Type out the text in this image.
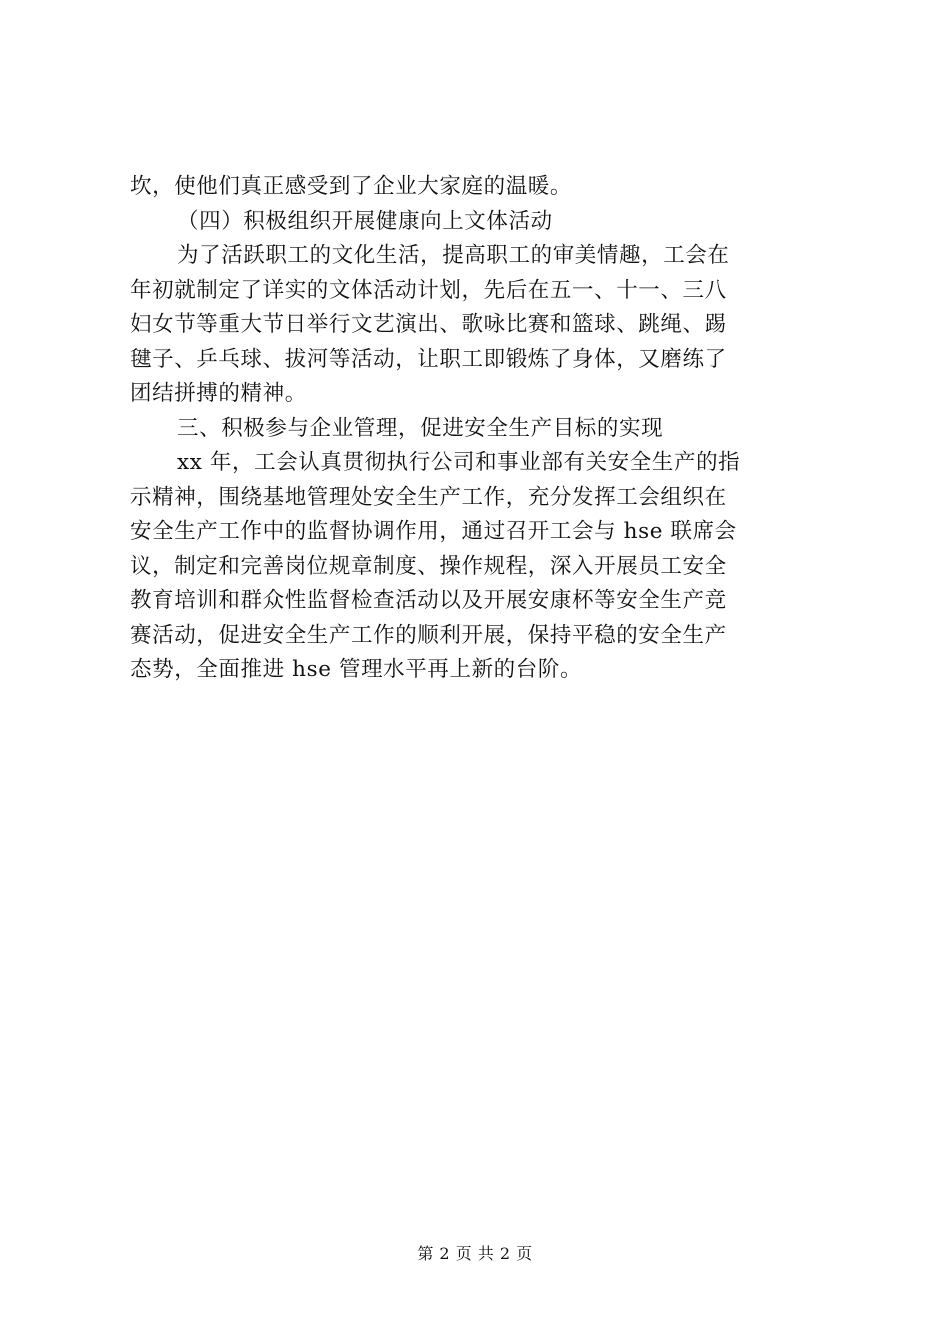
坎，使他们真正感受到了企业大家庭的温暖。
（四）积极组织开展健康向上文体活动
为了活跃职工的文化生活，提高职工的审美情趣，工会在
年初就制定了详实的文体活动计划，先后在五一、十一、三八
妇女节等重大节日举行文艺演出、歌咏比赛和篮球、跳绳、踢
毽子、乒乓球、拔河等活动，让职工即锻炼了身体，又磨练了
团结拼搏的精神。
三、积极参与企业管理，促进安全生产目标的实现
xx 年，工会认真贯彻执行公司和事业部有关安全生产的指
示精神，围绕基地管理处安全生产工作，充分发挥工会组织在
安全生产工作中的监督协调作用，通过召开工会与 hse 联席会
议，制定和完善岗位规章制度、操作规程，深入开展员工安全
教育培训和群众性监督检查活动以及开展安康杯等安全生产竞
赛活动，促进安全生产工作的顺利开展，保持平稳的安全生产
态势，全面推进 hse 管理水平再上新的台阶。
第 2 页 共 2 页
